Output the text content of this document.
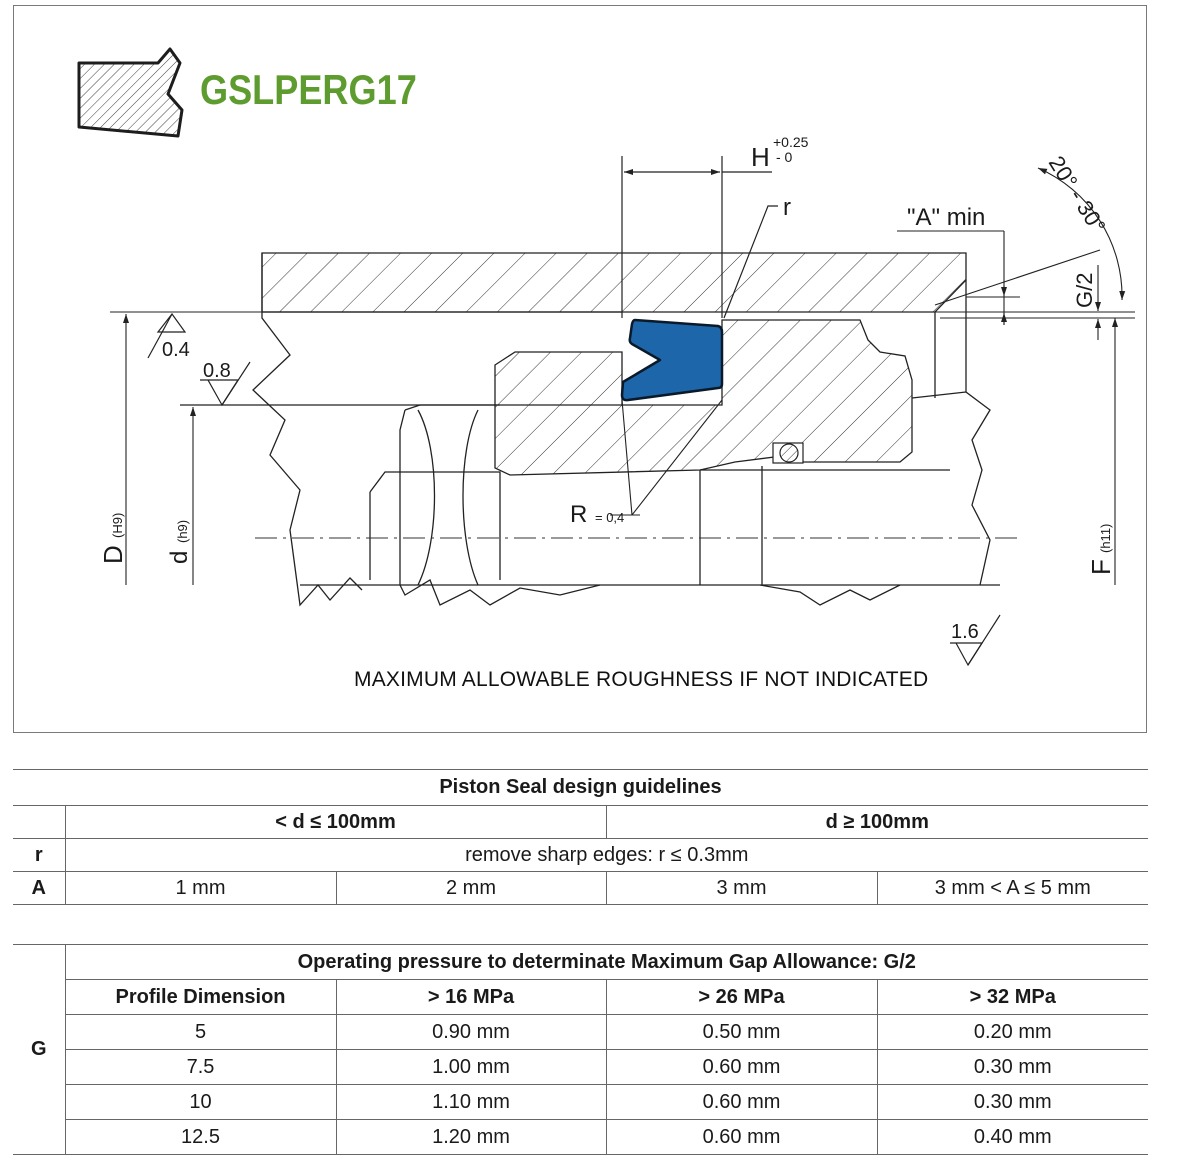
H +0.25
- 0
r	"A" min	20° - 30°
G/2
R = 0,4
0.4
0.8
1.6
D
(H9)
d
(h9)
F
(h11)
GSLPERG17
MAXIMUM ALLOWABLE ROUGHNESS IF NOT INDICATED
Piston Seal design guidelines				
	< d ≤ 100mm		d ≥ 100mm	
r	remove sharp edges: r ≤ 0.3mm			
A	1 mm	2 mm	3 mm	3 mm < A ≤ 5 mm
G	Operating pressure to determinate Maximum Gap Allowance: G/2			
	Profile Dimension	> 16 MPa	> 26 MPa	> 32 MPa
	5	0.90 mm	0.50 mm	0.20 mm
	7.5	1.00 mm	0.60 mm	0.30 mm
	10	1.10 mm	0.60 mm	0.30 mm
	12.5	1.20 mm	0.60 mm	0.40 mm
